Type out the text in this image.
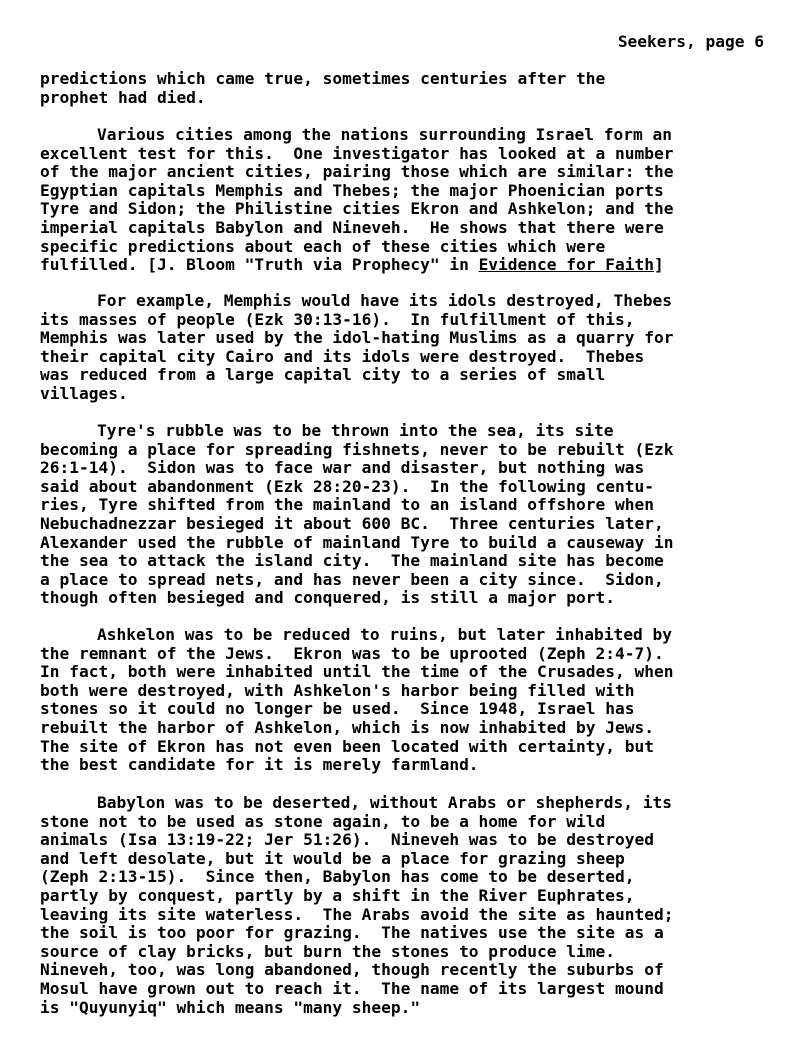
Seekers, page 6
predictions which came true, sometimes centuries after the
prophet had died.
Various cities among the nations surrounding Israel form an
excellent test for this.  One investigator has looked at a number
of the major ancient cities, pairing those which are similar: the
Egyptian capitals Memphis and Thebes; the major Phoenician ports
Tyre and Sidon; the Philistine cities Ekron and Ashkelon; and the
imperial capitals Babylon and Nineveh.  He shows that there were
specific predictions about each of these cities which were
fulfilled. [J. Bloom "Truth via Prophecy" in Evidence for Faith]
For example, Memphis would have its idols destroyed, Thebes
its masses of people (Ezk 30:13-16).  In fulfillment of this,
Memphis was later used by the idol-hating Muslims as a quarry for
their capital city Cairo and its idols were destroyed.  Thebes
was reduced from a large capital city to a series of small
villages.
Tyre's rubble was to be thrown into the sea, its site
becoming a place for spreading fishnets, never to be rebuilt (Ezk
26:1-14).  Sidon was to face war and disaster, but nothing was
said about abandonment (Ezk 28:20-23).  In the following centu-
ries, Tyre shifted from the mainland to an island offshore when
Nebuchadnezzar besieged it about 600 BC.  Three centuries later,
Alexander used the rubble of mainland Tyre to build a causeway in
the sea to attack the island city.  The mainland site has become
a place to spread nets, and has never been a city since.  Sidon,
though often besieged and conquered, is still a major port.
Ashkelon was to be reduced to ruins, but later inhabited by
the remnant of the Jews.  Ekron was to be uprooted (Zeph 2:4-7).
In fact, both were inhabited until the time of the Crusades, when
both were destroyed, with Ashkelon's harbor being filled with
stones so it could no longer be used.  Since 1948, Israel has
rebuilt the harbor of Ashkelon, which is now inhabited by Jews.
The site of Ekron has not even been located with certainty, but
the best candidate for it is merely farmland.
Babylon was to be deserted, without Arabs or shepherds, its
stone not to be used as stone again, to be a home for wild
animals (Isa 13:19-22; Jer 51:26).  Nineveh was to be destroyed
and left desolate, but it would be a place for grazing sheep
(Zeph 2:13-15).  Since then, Babylon has come to be deserted,
partly by conquest, partly by a shift in the River Euphrates,
leaving its site waterless.  The Arabs avoid the site as haunted;
the soil is too poor for grazing.  The natives use the site as a
source of clay bricks, but burn the stones to produce lime.
Nineveh, too, was long abandoned, though recently the suburbs of
Mosul have grown out to reach it.  The name of its largest mound
is "Quyunyiq" which means "many sheep."
